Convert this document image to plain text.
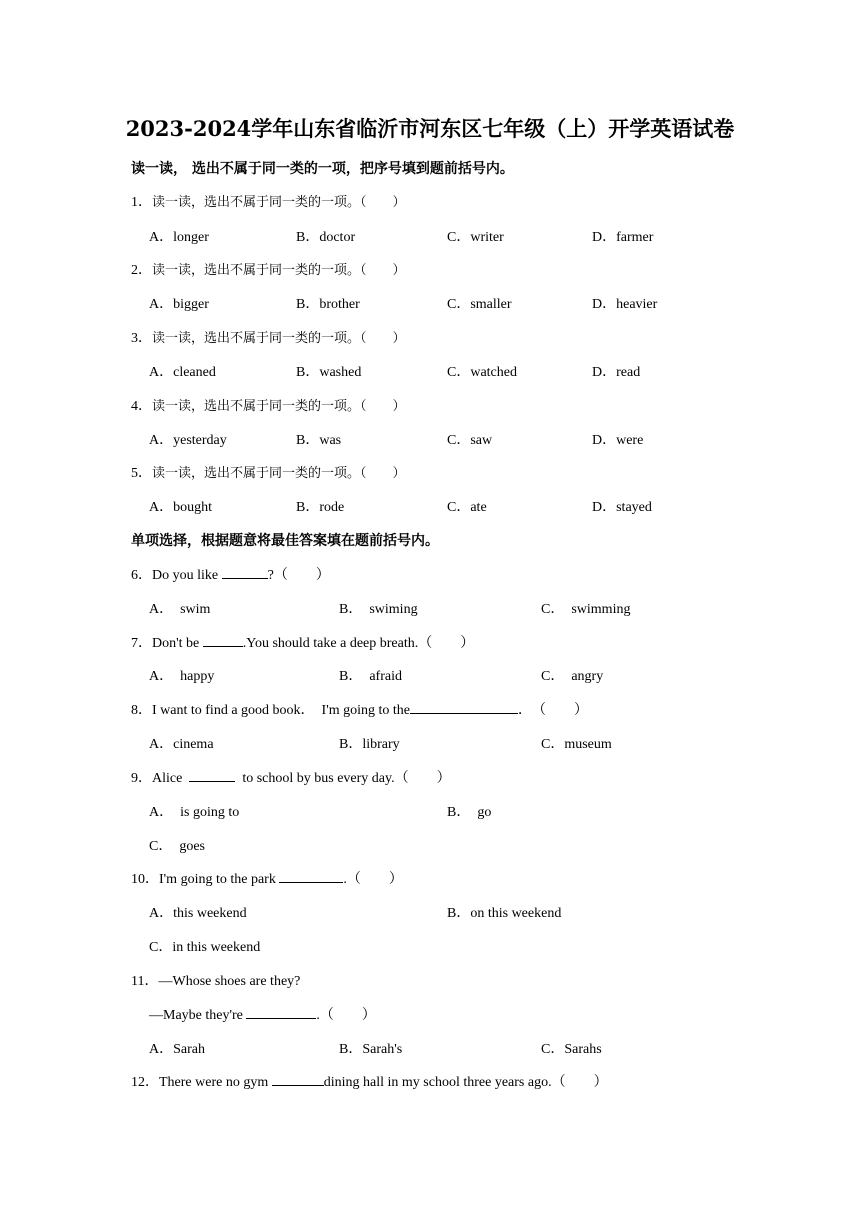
2023-2024学年山东省临沂市河东区七年级（上）开学英语试卷
读一读， 选出不属于同一类的一项，把序号填到题前括号内。
1．读一读，选出不属于同一类的一项。（　　）
A．longer	B．doctor	C．writer	D．farmer
2．读一读，选出不属于同一类的一项。（　　）
A．bigger	B．brother	C．smaller	D．heavier
3．读一读，选出不属于同一类的一项。（　　）
A．cleaned	B．washed	C．watched	D．read
4．读一读，选出不属于同一类的一项。（　　）
A．yesterday	B．was	C．saw	D．were
5．读一读，选出不属于同一类的一项。（　　）
A．bought	B．rode	C．ate	D．stayed
单项选择，根据题意将最佳答案填在题前括号内。
6．Do you like	?（　　）
A．　swim	B．　swiming	C．　swimming
7．Don't be	.You should take a deep breath.（　　）
A．　happy	B．　afraid	C．　angry
8．I want to find a good book．  I'm going to the	．　（　　）
A．cinema	B．library	C．museum
9．Alice	to school by bus every day.（　　）
A．　is going to	B．　go
C．　goes
10．I'm going to the park	.（　　）
A．this weekend	B．on this weekend
C．in this weekend
11．—Whose shoes are they?
—Maybe they're	.（　　）
A．Sarah	B．Sarah's	C．Sarahs
12．There were no gym	dining hall in my school three years ago.（　　）
